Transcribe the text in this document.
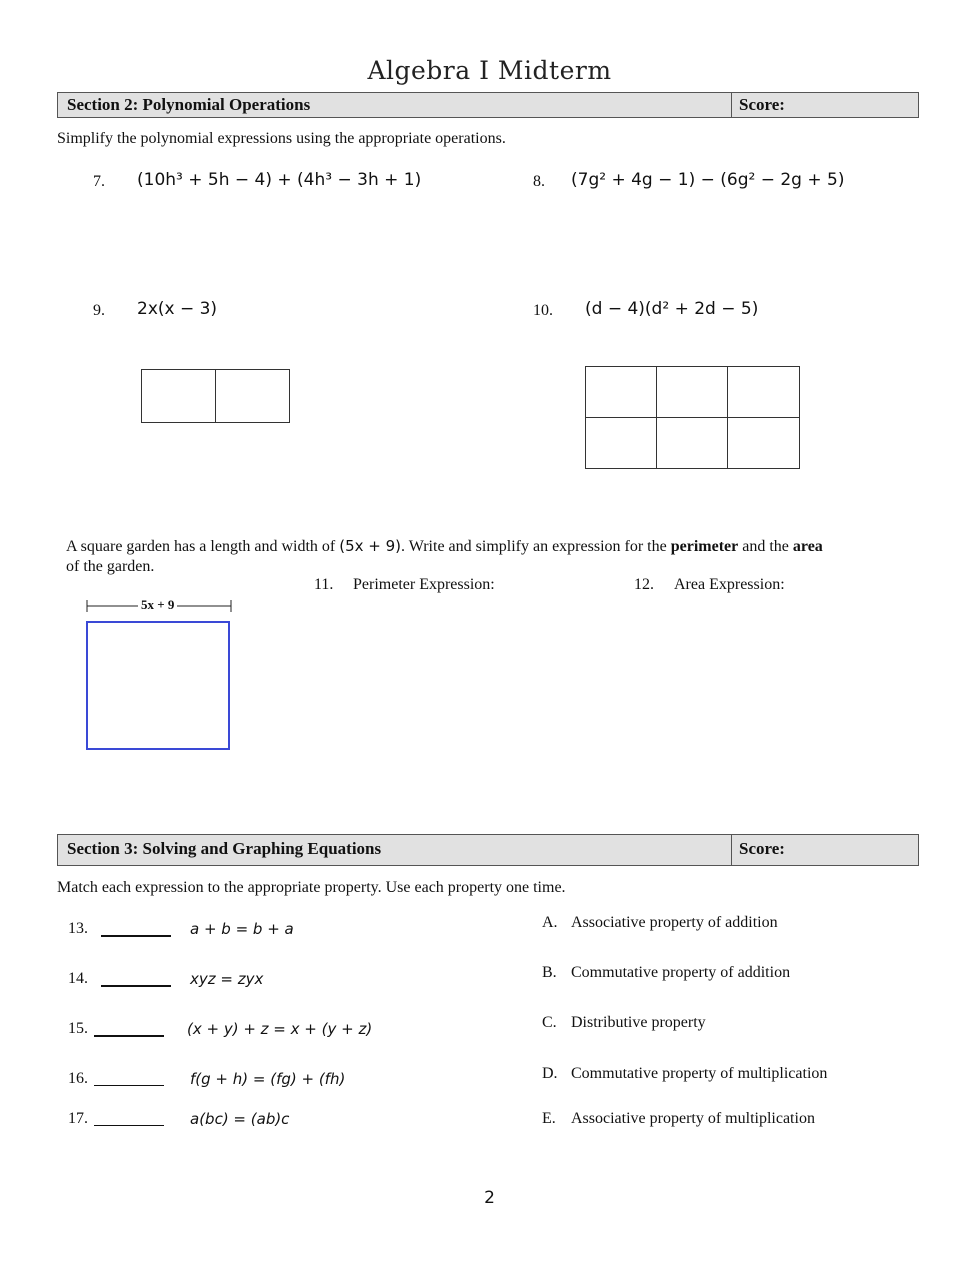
Algebra I Midterm
Section 2: Polynomial Operations	Score:
Simplify the polynomial expressions using the appropriate operations.
7. (10h³ + 5h − 4) + (4h³ − 3h + 1)	8. (7g² + 4g − 1) − (6g² − 2g + 5)
9. 2x(x − 3)	10. (d − 4)(d² + 2d − 5)

A square garden has a length and width of (5x + 9). Write and simplify an expression for the perimeter and the area
of the garden.
11. Perimeter Expression:	12. Area Expression:
5x + 9
Section 3: Solving and Graphing Equations	Score:
Match each expression to the appropriate property. Use each property one time.
13.	a + b = b + a
14.	xyz = zyx
15.	(x + y) + z = x + (y + z)
16.	f(g + h) = (fg) + (fh)
17.	a(bc) = (ab)c
A. Associative property of addition
B. Commutative property of addition
C. Distributive property
D. Commutative property of multiplication
E. Associative property of multiplication
2
